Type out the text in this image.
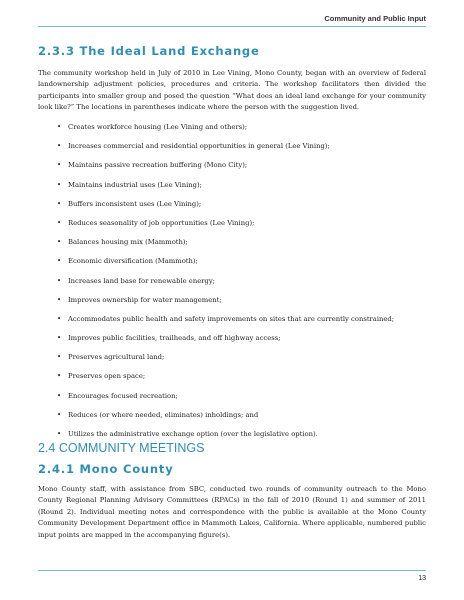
Community and Public Input
2.3.3 The Ideal Land Exchange
The community workshop held in July of 2010 in Lee Vining, Mono County, began with an overview of federal landownership adjustment policies, procedures and criteria. The workshop facilitators then divided the participants into smaller group and posed the question “What does an ideal land exchange for your community look like?” The locations in parentheses indicate where the person with the suggestion lived.
• Creates workforce housing (Lee Vining and others);
• Increases commercial and residential opportunities in general (Lee Vining);
• Maintains passive recreation buffering (Mono City);
• Maintains industrial uses (Lee Vining);
• Buffers inconsistent uses (Lee Vining);
• Reduces seasonality of job opportunities (Lee Vining);
• Balances housing mix (Mammoth);
• Economic diversification (Mammoth);
• Increases land base for renewable energy;
• Improves ownership for water management;
• Accommodates public health and safety improvements on sites that are currently constrained;
• Improves public facilities, trailheads, and off highway access;
• Preserves agricultural land;
• Preserves open space;
• Encourages focused recreation;
• Reduces (or where needed, eliminates) inholdings; and
• Utilizes the administrative exchange option (over the legislative option).
2.4 COMMUNITY MEETINGS
2.4.1 Mono County
Mono County staff, with assistance from SBC, conducted two rounds of community outreach to the Mono County Regional Planning Advisory Committees (RPACs) in the fall of 2010 (Round 1) and summer of 2011 (Round 2). Individual meeting notes and correspondence with the public is available at the Mono County Community Development Department office in Mammoth Lakes, California. Where applicable, numbered public input points are mapped in the accompanying figure(s).
13
